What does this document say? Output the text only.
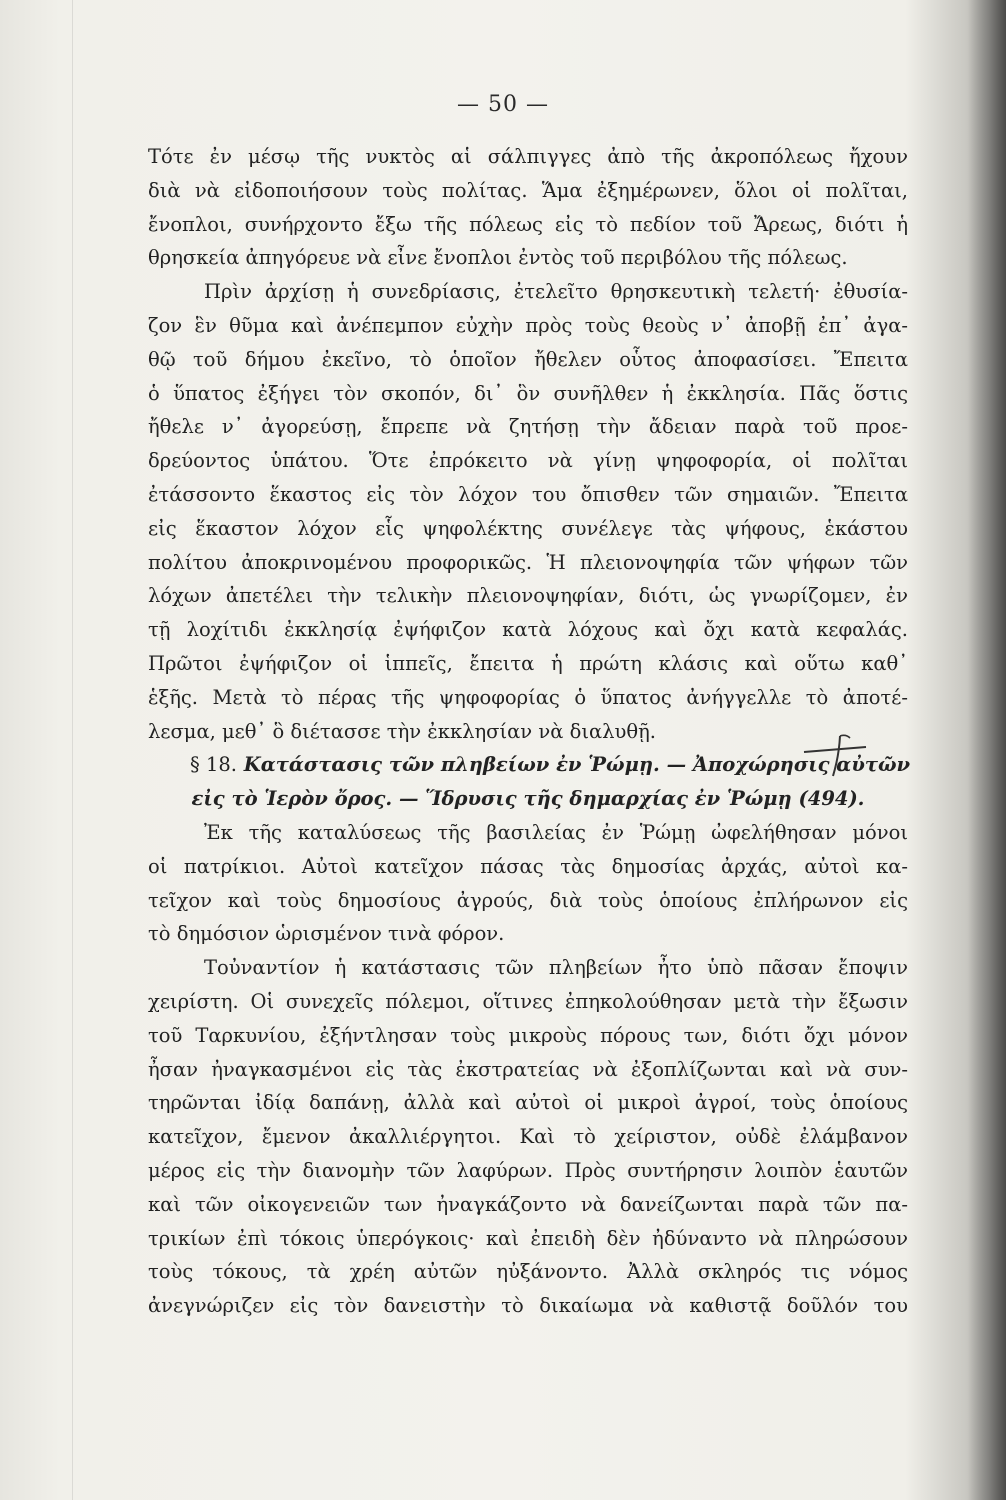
— 50 —
Τότε ἐν μέσῳ τῆς νυκτὸς αἱ σάλπιγγες ἀπὸ τῆς ἀκροπόλεως ἤχουν
διὰ νὰ εἰδοποιήσουν τοὺς πολίτας. Ἅμα ἐξημέρωνεν, ὅλοι οἱ πολῖται,
ἔνοπλοι, συνήρχοντο ἔξω τῆς πόλεως εἰς τὸ πεδίον τοῦ Ἄρεως, διότι ἡ
θρησκεία ἀπηγόρευε νὰ εἶνε ἔνοπλοι ἐντὸς τοῦ περιβόλου τῆς πόλεως.
Πρὶν ἀρχίσῃ ἡ συνεδρίασις, ἐτελεῖτο θρησκευτικὴ τελετή· ἐθυσία-
ζον ἓν θῦμα καὶ ἀνέπεμπον εὐχὴν πρὸς τοὺς θεοὺς ν᾽ ἀποβῇ ἐπ᾽ ἀγα-
θῷ τοῦ δήμου ἐκεῖνο, τὸ ὁποῖον ἤθελεν οὗτος ἀποφασίσει. Ἔπειτα
ὁ ὕπατος ἐξήγει τὸν σκοπόν, δι᾽ ὃν συνῆλθεν ἡ ἐκκλησία. Πᾶς ὅστις
ἤθελε ν᾽ ἀγορεύσῃ, ἔπρεπε νὰ ζητήσῃ τὴν ἄδειαν παρὰ τοῦ προε-
δρεύοντος ὑπάτου. Ὅτε ἐπρόκειτο νὰ γίνῃ ψηφοφορία, οἱ πολῖται
ἐτάσσοντο ἕκαστος εἰς τὸν λόχον του ὄπισθεν τῶν σημαιῶν. Ἔπειτα
εἰς ἕκαστον λόχον εἷς ψηφολέκτης συνέλεγε τὰς ψήφους, ἑκάστου
πολίτου ἀποκρινομένου προφορικῶς. Ἡ πλειονοψηφία τῶν ψήφων τῶν
λόχων ἀπετέλει τὴν τελικὴν πλειονοψηφίαν, διότι, ὡς γνωρίζομεν, ἐν
τῇ λοχίτιδι ἐκκλησίᾳ ἐψήφιζον κατὰ λόχους καὶ ὄχι κατὰ κεφαλάς.
Πρῶτοι ἐψήφιζον οἱ ἱππεῖς, ἔπειτα ἡ πρώτη κλάσις καὶ οὕτω καθ᾽
ἑξῆς. Μετὰ τὸ πέρας τῆς ψηφοφορίας ὁ ὕπατος ἀνήγγελλε τὸ ἀποτέ-
λεσμα, μεθ᾽ ὃ διέτασσε τὴν ἐκκλησίαν νὰ διαλυθῇ.
§ 18. Κατάστασις τῶν πληβείων ἐν Ῥώμῃ. — Ἀποχώρησις αὐτῶν
εἰς τὸ Ἱερὸν ὄρος. — Ἵδρυσις τῆς δημαρχίας ἐν Ῥώμῃ (494).
Ἐκ τῆς καταλύσεως τῆς βασιλείας ἐν Ῥώμῃ ὠφελήθησαν μόνοι
οἱ πατρίκιοι. Αὐτοὶ κατεῖχον πάσας τὰς δημοσίας ἀρχάς, αὐτοὶ κα-
τεῖχον καὶ τοὺς δημοσίους ἀγρούς, διὰ τοὺς ὁποίους ἐπλήρωνον εἰς
τὸ δημόσιον ὡρισμένον τινὰ φόρον.
Τοὐναντίον ἡ κατάστασις τῶν πληβείων ἦτο ὑπὸ πᾶσαν ἔποψιν
χειρίστη. Οἱ συνεχεῖς πόλεμοι, οἵτινες ἐπηκολούθησαν μετὰ τὴν ἔξωσιν
τοῦ Ταρκυνίου, ἐξήντλησαν τοὺς μικροὺς πόρους των, διότι ὄχι μόνον
ἦσαν ἠναγκασμένοι εἰς τὰς ἐκστρατείας νὰ ἐξοπλίζωνται καὶ νὰ συν-
τηρῶνται ἰδίᾳ δαπάνῃ, ἀλλὰ καὶ αὐτοὶ οἱ μικροὶ ἀγροί, τοὺς ὁποίους
κατεῖχον, ἔμενον ἀκαλλιέργητοι. Καὶ τὸ χείριστον, οὐδὲ ἐλάμβανον
μέρος εἰς τὴν διανομὴν τῶν λαφύρων. Πρὸς συντήρησιν λοιπὸν ἑαυτῶν
καὶ τῶν οἰκογενειῶν των ἠναγκάζοντο νὰ δανείζωνται παρὰ τῶν πα-
τρικίων ἐπὶ τόκοις ὑπερόγκοις· καὶ ἐπειδὴ δὲν ἠδύναντο νὰ πληρώσουν
τοὺς τόκους, τὰ χρέη αὐτῶν ηὐξάνοντο. Ἀλλὰ σκληρός τις νόμος
ἀνεγνώριζεν εἰς τὸν δανειστὴν τὸ δικαίωμα νὰ καθιστᾷ δοῦλόν του
